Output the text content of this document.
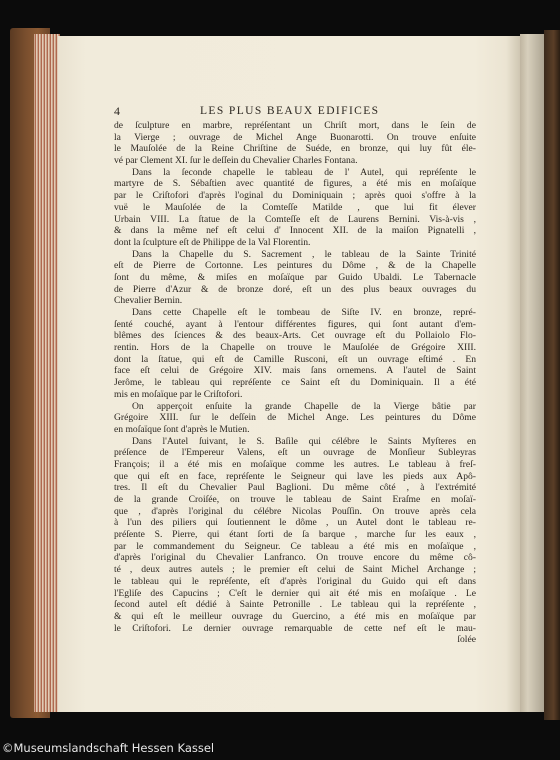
4	LES PLUS BEAUX EDIFICES
de ſculpture en marbre, repréſentant un Chriſt mort, dans le ſein de
la Vierge ; ouvrage de Michel Ange Buonarotti. On trouve enſuite
le Mauſolée de la Reine Chriſtine de Suéde, en bronze, qui luy fût éle-
vé par Clement XI. ſur le deſſein du Chevalier Charles Fontana.
Dans la ſeconde chapelle le tableau de l' Autel, qui repréſente le
martyre de S. Sébaſtien avec quantité de figures, a été mis en moſaïque
par le Criſtofori d'après l'oginal du Dominiquain ; après quoi s'offre à la
vuë le Mauſolée de la Comteſſe Matilde , que lui fit élever
Urbain VIII. La ſtatue de la Comteſſe eſt de Laurens Bernini. Vis-à-vis ,
& dans la même nef eſt celui d' Innocent XII. de la maiſon Pignatelli ,
dont la ſculpture eſt de Philippe de la Val Florentin.
Dans la Chapelle du S. Sacrement , le tableau de la Sainte Trinité
eſt de Pierre de Cortonne. Les peintures du Dôme , & de la Chapelle
ſont du même, & miſes en moſaïque par Guido Ubaldi. Le Tabernacle
de Pierre d'Azur & de bronze doré, eſt un des plus beaux ouvrages du
Chevalier Bernin.
Dans cette Chapelle eſt le tombeau de Siſte IV. en bronze, repré-
ſenté couché, ayant à l'entour différentes figures, qui ſont autant d'em-
blêmes des ſciences & des beaux-Arts. Cet ouvrage eſt du Pollaiolo Flo-
rentin. Hors de la Chapelle on trouve le Mauſolée de Grégoire XIII.
dont la ſtatue, qui eſt de Camille Rusconi, eſt un ouvrage eſtimé . En
face eſt celui de Grégoire XIV. mais ſans ornemens. A l'autel de Saint
Jerôme, le tableau qui repréſente ce Saint eſt du Dominiquain. Il a été
mis en moſaïque par le Criſtofori.
On apperçoit enſuite la grande Chapelle de la Vierge bâtie par
Grégoire XIII. ſur le deſſein de Michel Ange. Les peintures du Dôme
en moſaïque ſont d'après le Mutien.
Dans l'Autel ſuivant, le S. Baſile qui célébre le Saints Myſteres en
préſence de l'Empereur Valens, eſt un ouvrage de Monſieur Subleyras
François; il a été mis en moſaïque comme les autres. Le tableau à freſ-
que qui eſt en face, repréſente le Seigneur qui lave les pieds aux Apô-
tres. Il eſt du Chevalier Paul Baglioni. Du même côté , à l'extrémité
de la grande Croiſée, on trouve le tableau de Saint Eraſme en moſaï-
que , d'après l'original du célébre Nicolas Pouſſin. On trouve après cela
à l'un des piliers qui ſoutiennent le dôme , un Autel dont le tableau re-
préſente S. Pierre, qui étant ſorti de ſa barque , marche ſur les eaux ,
par le commandement du Seigneur. Ce tableau a été mis en moſaïque ,
d'après l'original du Chevalier Lanfranco. On trouve encore du même cô-
té , deux autres autels ; le premier eſt celui de Saint Michel Archange ;
le tableau qui le repréſente, eſt d'après l'original du Guido qui eſt dans
l'Egliſe des Capucins ; C'eſt le dernier qui ait été mis en moſaïque . Le
ſecond autel eſt dédié à Sainte Petronille . Le tableau qui la repréſente ,
& qui eſt le meilleur ouvrage du Guercino, a été mis en moſaïque par
le Criſtofori. Le dernier ouvrage remarquable de cette nef eſt le mau-
ſolée
©Museumslandschaft Hessen Kassel
